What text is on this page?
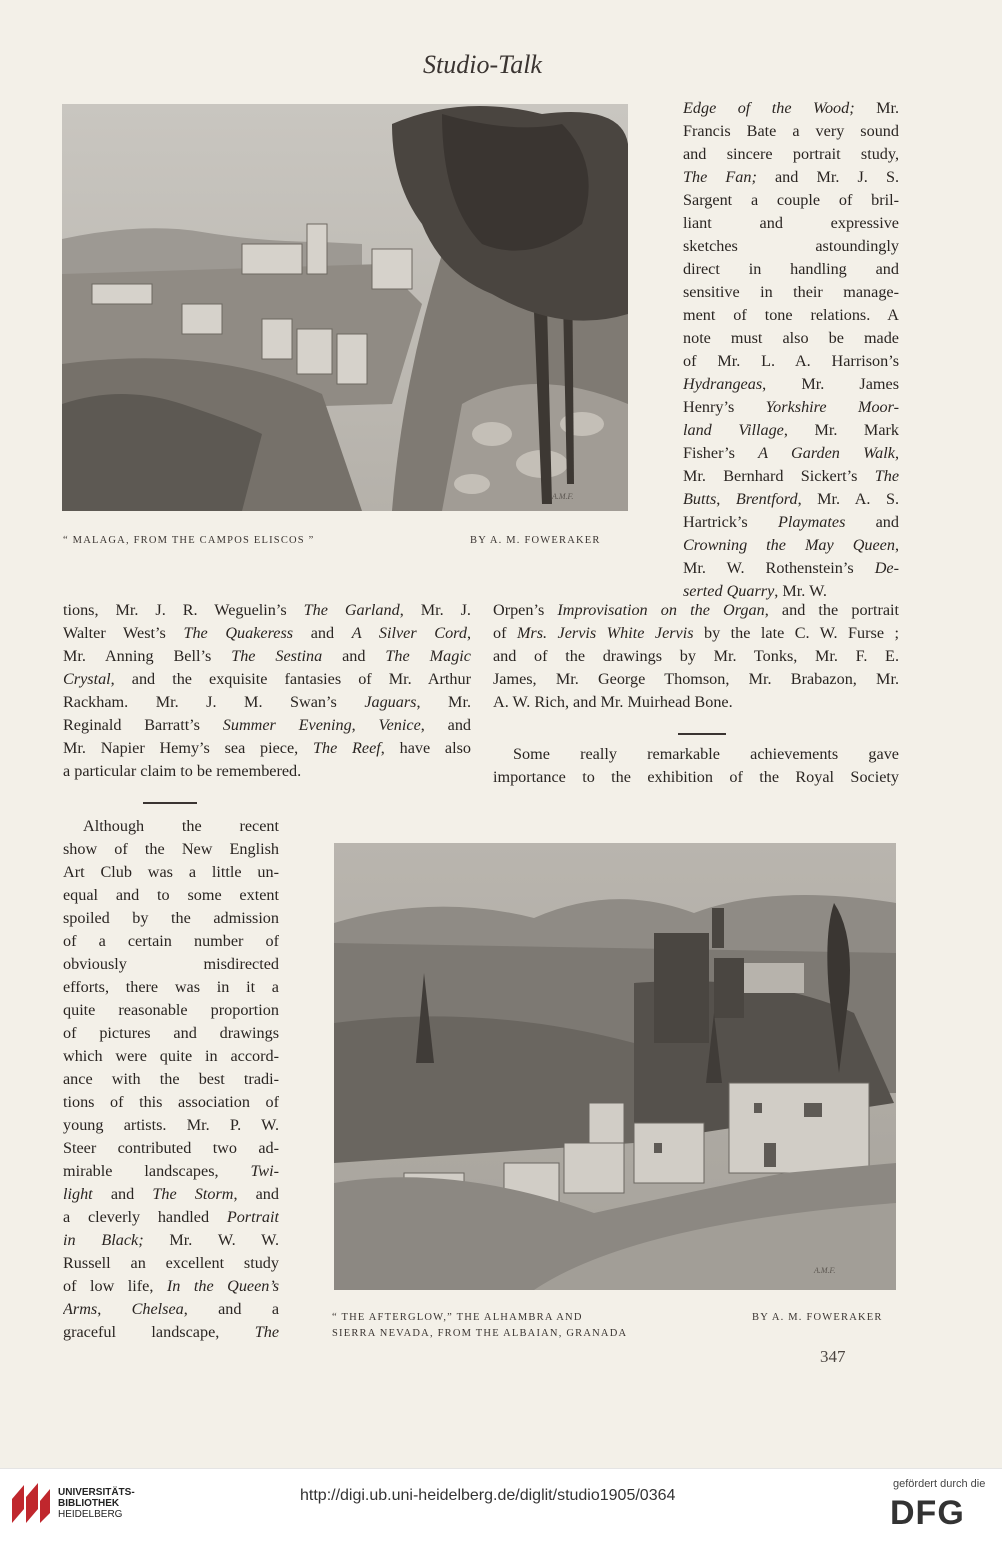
Studio-Talk
A.M.F.
“ MALAGA, FROM THE CAMPOS ELISCOS ”	BY A. M. FOWERAKER
A.M.F.
“ THE AFTERGLOW,” THE ALHAMBRA AND
SIERRA NEVADA, FROM THE ALBAIAN, GRANADA
BY A. M. FOWERAKER
347
UNIVERSITÄTS-
BIBLIOTHEK
HEIDELBERG
http://digi.ub.uni-heidelberg.de/diglit/studio1905/0364
gefördert durch die
DFG
Edge of the Wood; Mr.
Francis Bate a very sound
and sincere portrait study,
The Fan; and Mr. J. S.
Sargent a couple of bril-
liant and expressive
sketches astoundingly
direct in handling and
sensitive in their manage-
ment of tone relations. A
note must also be made
of Mr. L. A. Harrison’s
Hydrangeas, Mr. James
Henry’s Yorkshire Moor-
land Village, Mr. Mark
Fisher’s A Garden Walk,
Mr. Bernhard Sickert’s The
Butts, Brentford, Mr. A. S.
Hartrick’s Playmates and
Crowning the May Queen,
Mr. W. Rothenstein’s De-
serted Quarry, Mr. W.
tions, Mr. J. R. Weguelin’s The Garland, Mr. J.
Walter West’s The Quakeress and A Silver Cord,
Mr. Anning Bell’s The Sestina and The Magic
Crystal, and the exquisite fantasies of Mr. Arthur
Rackham. Mr. J. M. Swan’s Jaguars, Mr.
Reginald Barratt’s Summer Evening, Venice, and
Mr. Napier Hemy’s sea piece, The Reef, have also
a particular claim to be remembered.
Orpen’s Improvisation on the Organ, and the portrait
of Mrs. Jervis White Jervis by the late C. W. Furse ;
and of the drawings by Mr. Tonks, Mr. F. E.
James, Mr. George Thomson, Mr. Brabazon, Mr.
A. W. Rich, and Mr. Muirhead Bone.
Some really remarkable achievements gave
importance to the exhibition of the Royal Society
Although the recent
show of the New English
Art Club was a little un-
equal and to some extent
spoiled by the admission
of a certain number of
obviously misdirected
efforts, there was in it a
quite reasonable proportion
of pictures and drawings
which were quite in accord-
ance with the best tradi-
tions of this association of
young artists. Mr. P. W.
Steer contributed two ad-
mirable landscapes, Twi-
light and The Storm, and
a cleverly handled Portrait
in Black; Mr. W. W.
Russell an excellent study
of low life, In the Queen’s
Arms, Chelsea, and a
graceful landscape, The
